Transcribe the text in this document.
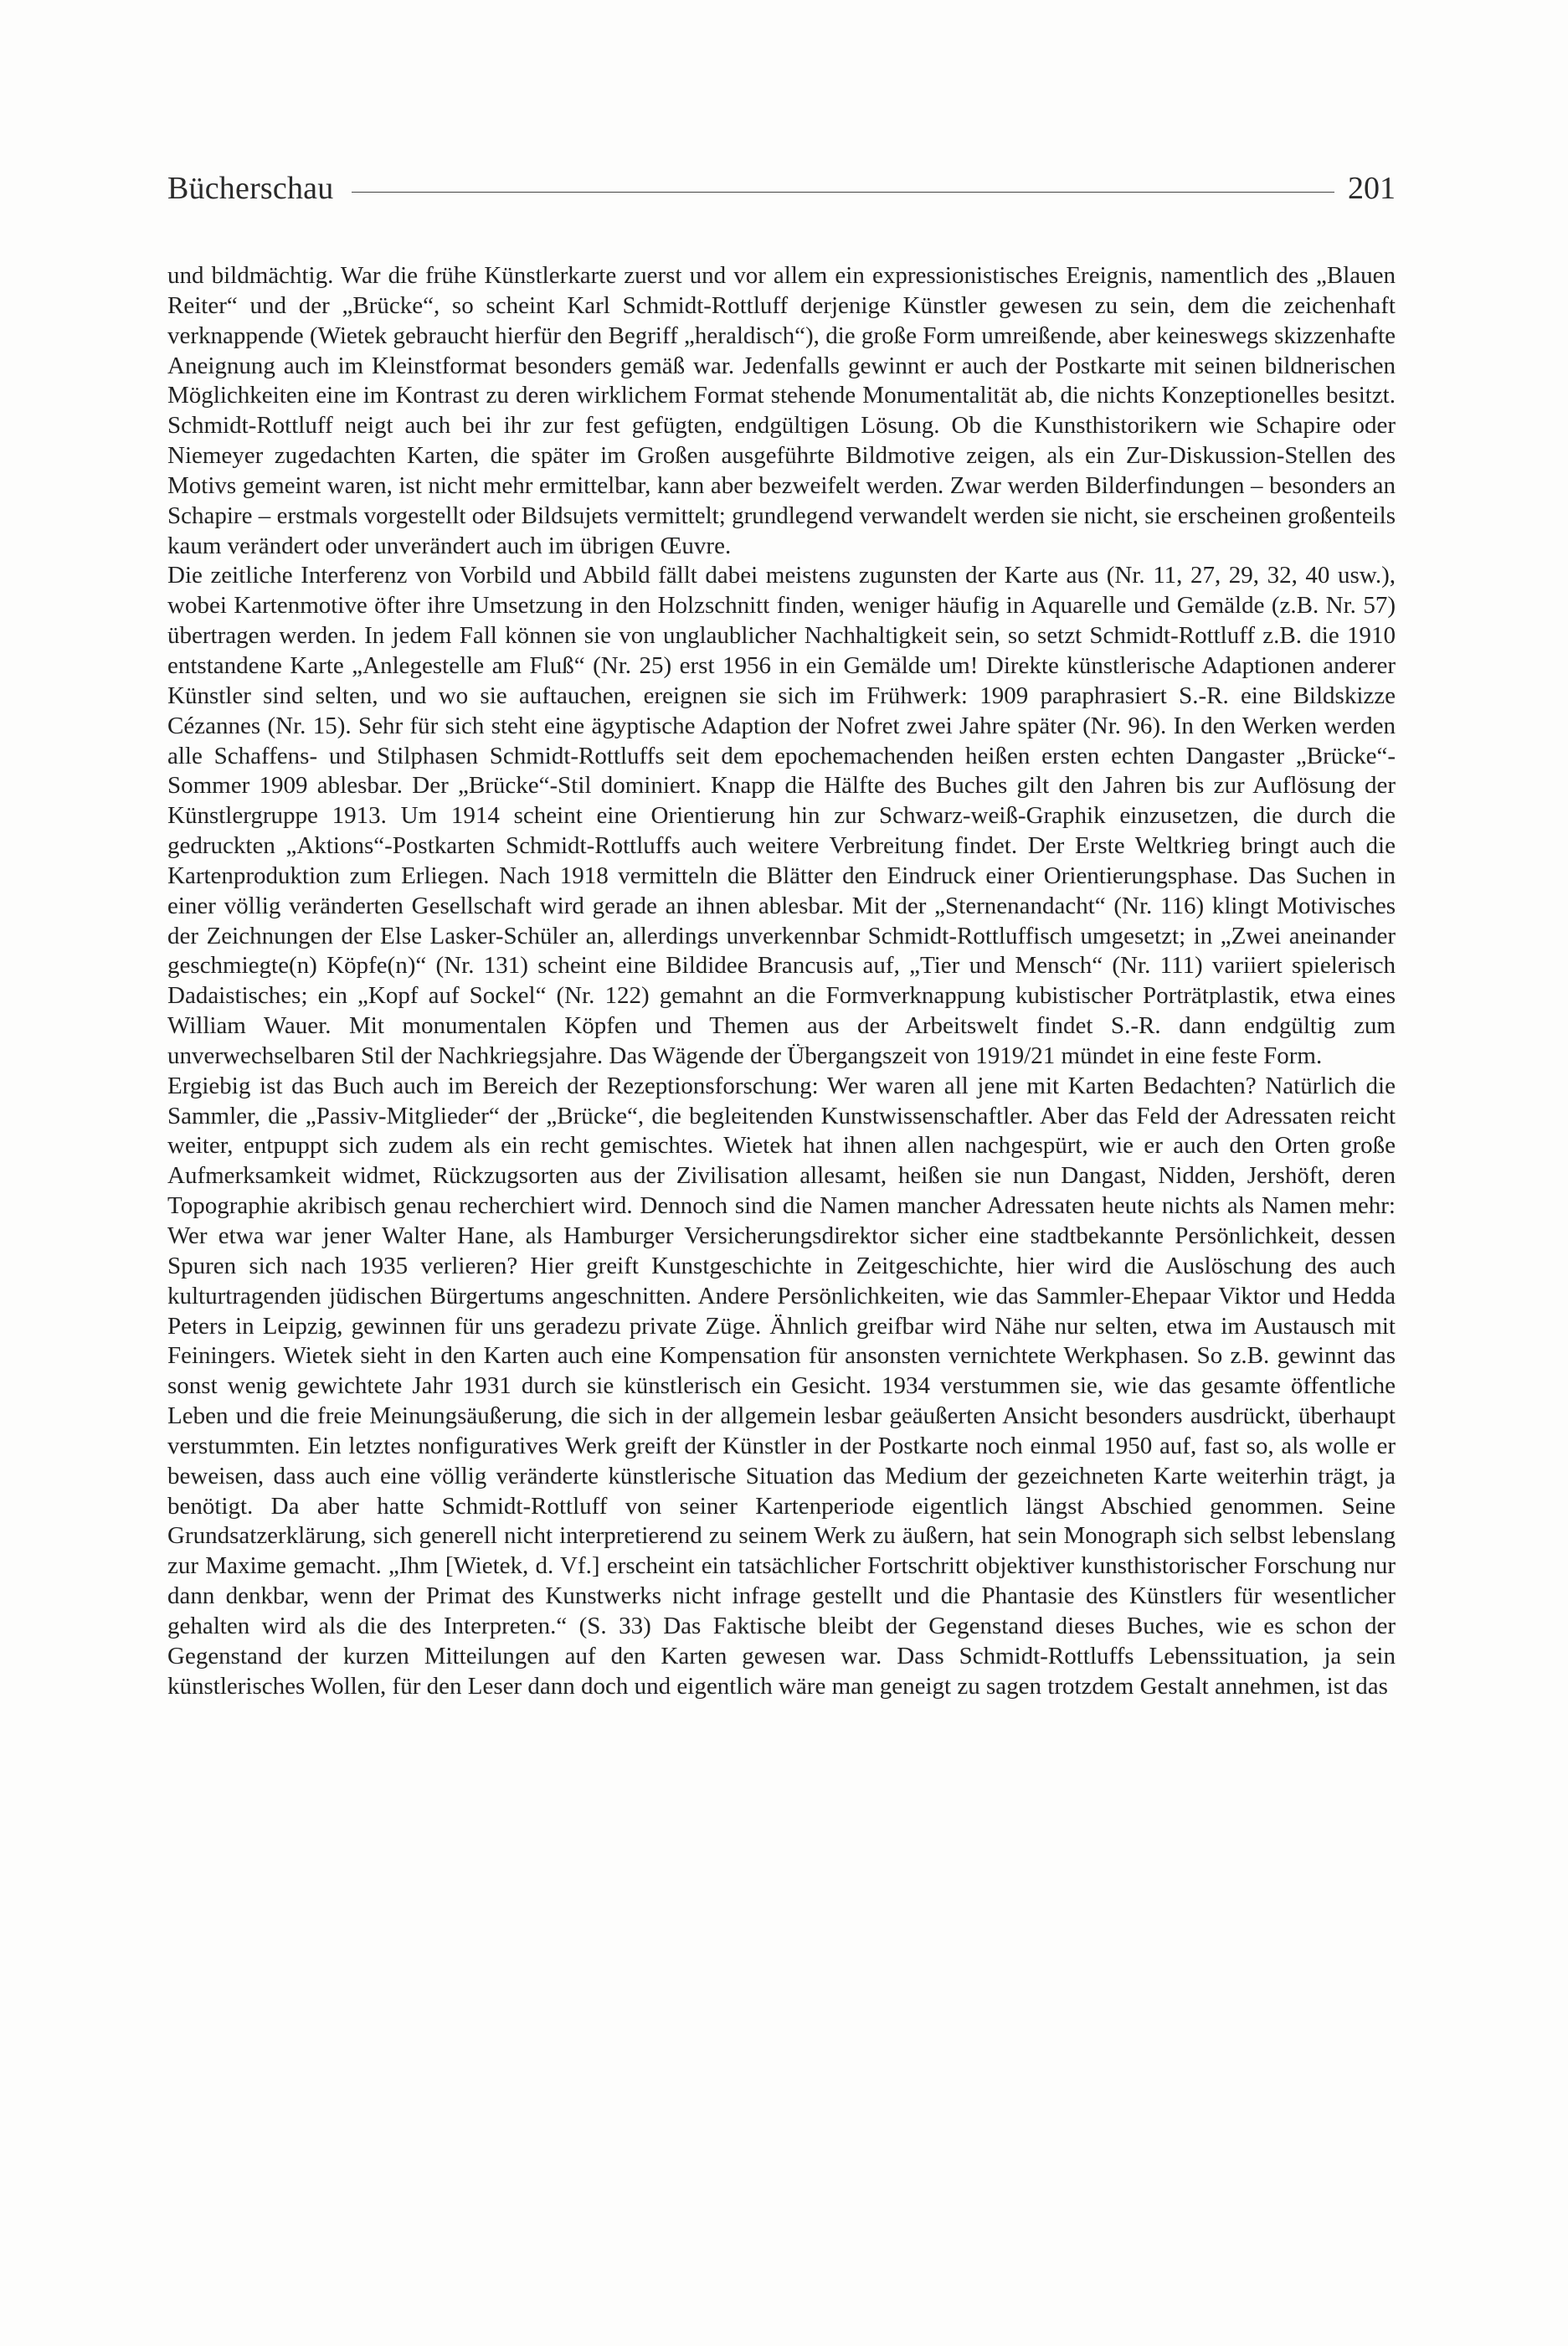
Bücherschau	201

und bildmächtig. War die frühe Künstlerkarte zuerst und vor allem ein expressionistisches Ereignis, namentlich des „Blauen Reiter“ und der „Brücke“, so scheint Karl Schmidt-Rottluff derjenige Künstler gewesen zu sein, dem die zeichenhaft verknappende (Wietek gebraucht hierfür den Begriff „heraldisch“), die große Form umreißende, aber keineswegs skizzenhafte Aneignung auch im Kleinstformat besonders gemäß war. Jedenfalls gewinnt er auch der Postkarte mit seinen bildnerischen Möglichkeiten eine im Kontrast zu deren wirklichem Format stehende Monumentalität ab, die nichts Konzeptionelles besitzt. Schmidt-Rottluff neigt auch bei ihr zur fest gefügten, endgültigen Lösung. Ob die Kunsthistorikern wie Schapire oder Niemeyer zugedachten Karten, die später im Großen ausgeführte Bildmotive zeigen, als ein Zur-Diskussion-Stellen des Motivs gemeint waren, ist nicht mehr ermittelbar, kann aber bezweifelt werden. Zwar werden Bilderfindungen – besonders an Schapire – erstmals vorgestellt oder Bildsujets vermittelt; grundlegend verwandelt werden sie nicht, sie erscheinen großenteils kaum verändert oder unverändert auch im übrigen Œuvre.

Die zeitliche Interferenz von Vorbild und Abbild fällt dabei meistens zugunsten der Karte aus (Nr. 11, 27, 29, 32, 40 usw.), wobei Kartenmotive öfter ihre Umsetzung in den Holzschnitt finden, weniger häufig in Aquarelle und Gemälde (z.B. Nr. 57) übertragen werden. In jedem Fall können sie von unglaublicher Nachhaltigkeit sein, so setzt Schmidt-Rottluff z.B. die 1910 entstandene Karte „Anlegestelle am Fluß“ (Nr. 25) erst 1956 in ein Gemälde um! Direkte künstlerische Adaptionen anderer Künstler sind selten, und wo sie auftauchen, ereignen sie sich im Frühwerk: 1909 paraphrasiert S.-R. eine Bildskizze Cézannes (Nr. 15). Sehr für sich steht eine ägyptische Adaption der Nofret zwei Jahre später (Nr. 96). In den Werken werden alle Schaffens- und Stilphasen Schmidt-Rottluffs seit dem epochemachenden heißen ersten echten Dangaster „Brücke“-Sommer 1909 ablesbar. Der „Brücke“-Stil dominiert. Knapp die Hälfte des Buches gilt den Jahren bis zur Auflösung der Künstlergruppe 1913. Um 1914 scheint eine Orientierung hin zur Schwarz-weiß-Graphik einzusetzen, die durch die gedruckten „Aktions“-Postkarten Schmidt-Rottluffs auch weitere Verbreitung findet. Der Erste Weltkrieg bringt auch die Kartenproduktion zum Erliegen. Nach 1918 vermitteln die Blätter den Eindruck einer Orientierungsphase. Das Suchen in einer völlig veränderten Gesellschaft wird gerade an ihnen ablesbar. Mit der „Sternenandacht“ (Nr. 116) klingt Motivisches der Zeichnungen der Else Lasker-Schüler an, allerdings unverkennbar Schmidt-Rottluffisch umgesetzt; in „Zwei aneinander geschmiegte(n) Köpfe(n)“ (Nr. 131) scheint eine Bildidee Brancusis auf, „Tier und Mensch“ (Nr. 111) variiert spielerisch Dadaistisches; ein „Kopf auf Sockel“ (Nr. 122) gemahnt an die Formverknappung kubistischer Porträtplastik, etwa eines William Wauer. Mit monumentalen Köpfen und Themen aus der Arbeitswelt findet S.-R. dann endgültig zum unverwechselbaren Stil der Nachkriegsjahre. Das Wägende der Übergangszeit von 1919/21 mündet in eine feste Form.

Ergiebig ist das Buch auch im Bereich der Rezeptionsforschung: Wer waren all jene mit Karten Bedachten? Natürlich die Sammler, die „Passiv-Mitglieder“ der „Brücke“, die begleitenden Kunstwissenschaftler. Aber das Feld der Adressaten reicht weiter, entpuppt sich zudem als ein recht gemischtes. Wietek hat ihnen allen nachgespürt, wie er auch den Orten große Aufmerksamkeit widmet, Rückzugsorten aus der Zivilisation allesamt, heißen sie nun Dangast, Nidden, Jershöft, deren Topographie akribisch genau recherchiert wird. Dennoch sind die Namen mancher Adressaten heute nichts als Namen mehr: Wer etwa war jener Walter Hane, als Hamburger Versicherungsdirektor sicher eine stadtbekannte Persönlichkeit, dessen Spuren sich nach 1935 verlieren? Hier greift Kunstgeschichte in Zeitgeschichte, hier wird die Auslöschung des auch kulturtragenden jüdischen Bürgertums angeschnitten. Andere Persönlichkeiten, wie das Sammler-Ehepaar Viktor und Hedda Peters in Leipzig, gewinnen für uns geradezu private Züge. Ähnlich greifbar wird Nähe nur selten, etwa im Austausch mit Feiningers. Wietek sieht in den Karten auch eine Kompensation für ansonsten vernichtete Werkphasen. So z.B. gewinnt das sonst wenig gewichtete Jahr 1931 durch sie künstlerisch ein Gesicht. 1934 verstummen sie, wie das gesamte öffentliche Leben und die freie Meinungsäußerung, die sich in der allgemein lesbar geäußerten Ansicht besonders ausdrückt, überhaupt verstummten. Ein letztes nonfiguratives Werk greift der Künstler in der Postkarte noch einmal 1950 auf, fast so, als wolle er beweisen, dass auch eine völlig veränderte künstlerische Situation das Medium der gezeichneten Karte weiterhin trägt, ja benötigt. Da aber hatte Schmidt-Rottluff von seiner Kartenperiode eigentlich längst Abschied genommen. Seine Grundsatzerklärung, sich generell nicht interpretierend zu seinem Werk zu äußern, hat sein Monograph sich selbst lebenslang zur Maxime gemacht. „Ihm [Wietek, d. Vf.] erscheint ein tatsächlicher Fortschritt objektiver kunsthistorischer Forschung nur dann denkbar, wenn der Primat des Kunstwerks nicht infrage gestellt und die Phantasie des Künstlers für wesentlicher gehalten wird als die des Interpreten.“ (S. 33) Das Faktische bleibt der Gegenstand dieses Buches, wie es schon der Gegenstand der kurzen Mitteilungen auf den Karten gewesen war. Dass Schmidt-Rottluffs Lebenssituation, ja sein künstlerisches Wollen, für den Leser dann doch und eigentlich wäre man geneigt zu sagen trotzdem Gestalt annehmen, ist das
